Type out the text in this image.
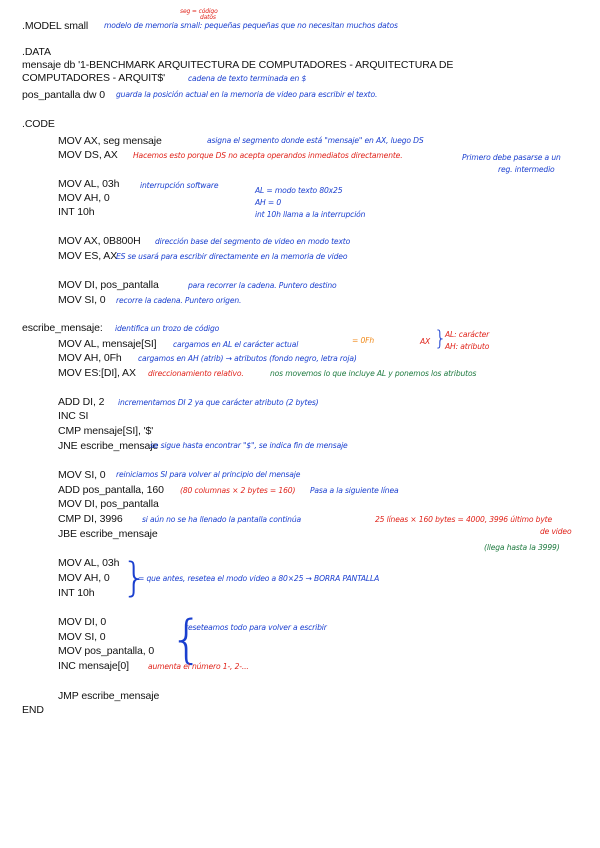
.MODEL small
.DATA
mensaje db '1-BENCHMARK ARQUITECTURA DE COMPUTADORES - ARQUITECTURA DE
COMPUTADORES - ARQUIT$'
pos_pantalla dw 0
.CODE
MOV AX, seg mensaje
MOV DS, AX
MOV AL, 03h
MOV AH, 0
INT 10h
MOV AX, 0B800H
MOV ES, AX
MOV DI, pos_pantalla
MOV SI, 0
escribe_mensaje:
MOV AL, mensaje[SI]
MOV AH, 0Fh
MOV ES:[DI], AX
ADD DI, 2
INC SI
CMP mensaje[SI], '$'
JNE escribe_mensaje
MOV SI, 0
ADD pos_pantalla, 160
MOV DI, pos_pantalla
CMP DI, 3996
JBE escribe_mensaje
MOV AL, 03h
MOV AH, 0
INT 10h
MOV DI, 0
MOV SI, 0
MOV pos_pantalla, 0
INC mensaje[0]
JMP escribe_mensaje
END
seg = código
datos
modelo de memoria small: pequeñas pequeñas que no necesitan muchos datos
cadena de texto terminada en $
guarda la posición actual en la memoria de video para escribir el texto.
asigna el segmento donde está "mensaje" en AX, luego DS
Hacemos esto porque DS no acepta operandos inmediatos directamente.	Primero debe pasarse a un
reg. intermedio
interrupción software
AL = modo texto 80x25
AH = 0
int 10h llama a la interrupción
dirección base del segmento de video en modo texto
ES se usará para escribir directamente en la memoria de video
para recorrer la cadena. Puntero destino
recorre la cadena. Puntero origen.
identifica un trozo de código
cargamos en AL el carácter actual	= 0Fh	AX }
AL: carácter
AH: atributo
cargamos en AH (atrib) → atributos (fondo negro, letra roja)
direccionamiento relativo.	nos movemos lo que incluye AL y ponemos los atributos
incrementamos DI 2 ya que carácter atributo (2 bytes)
se sigue hasta encontrar "$", se indica fin de mensaje
reiniciamos SI para volver al principio del mensaje
(80 columnas × 2 bytes = 160) Pasa a la siguiente línea
si aún no se ha llenado la pantalla continúa	25 líneas × 160 bytes = 4000, 3996 último byte
de video
(llega hasta la 3999)
}
= que antes, resetea el modo video a 80×25 → BORRA PANTALLA
{
reseteamos todo para volver a escribir
aumenta el número 1-, 2-...
